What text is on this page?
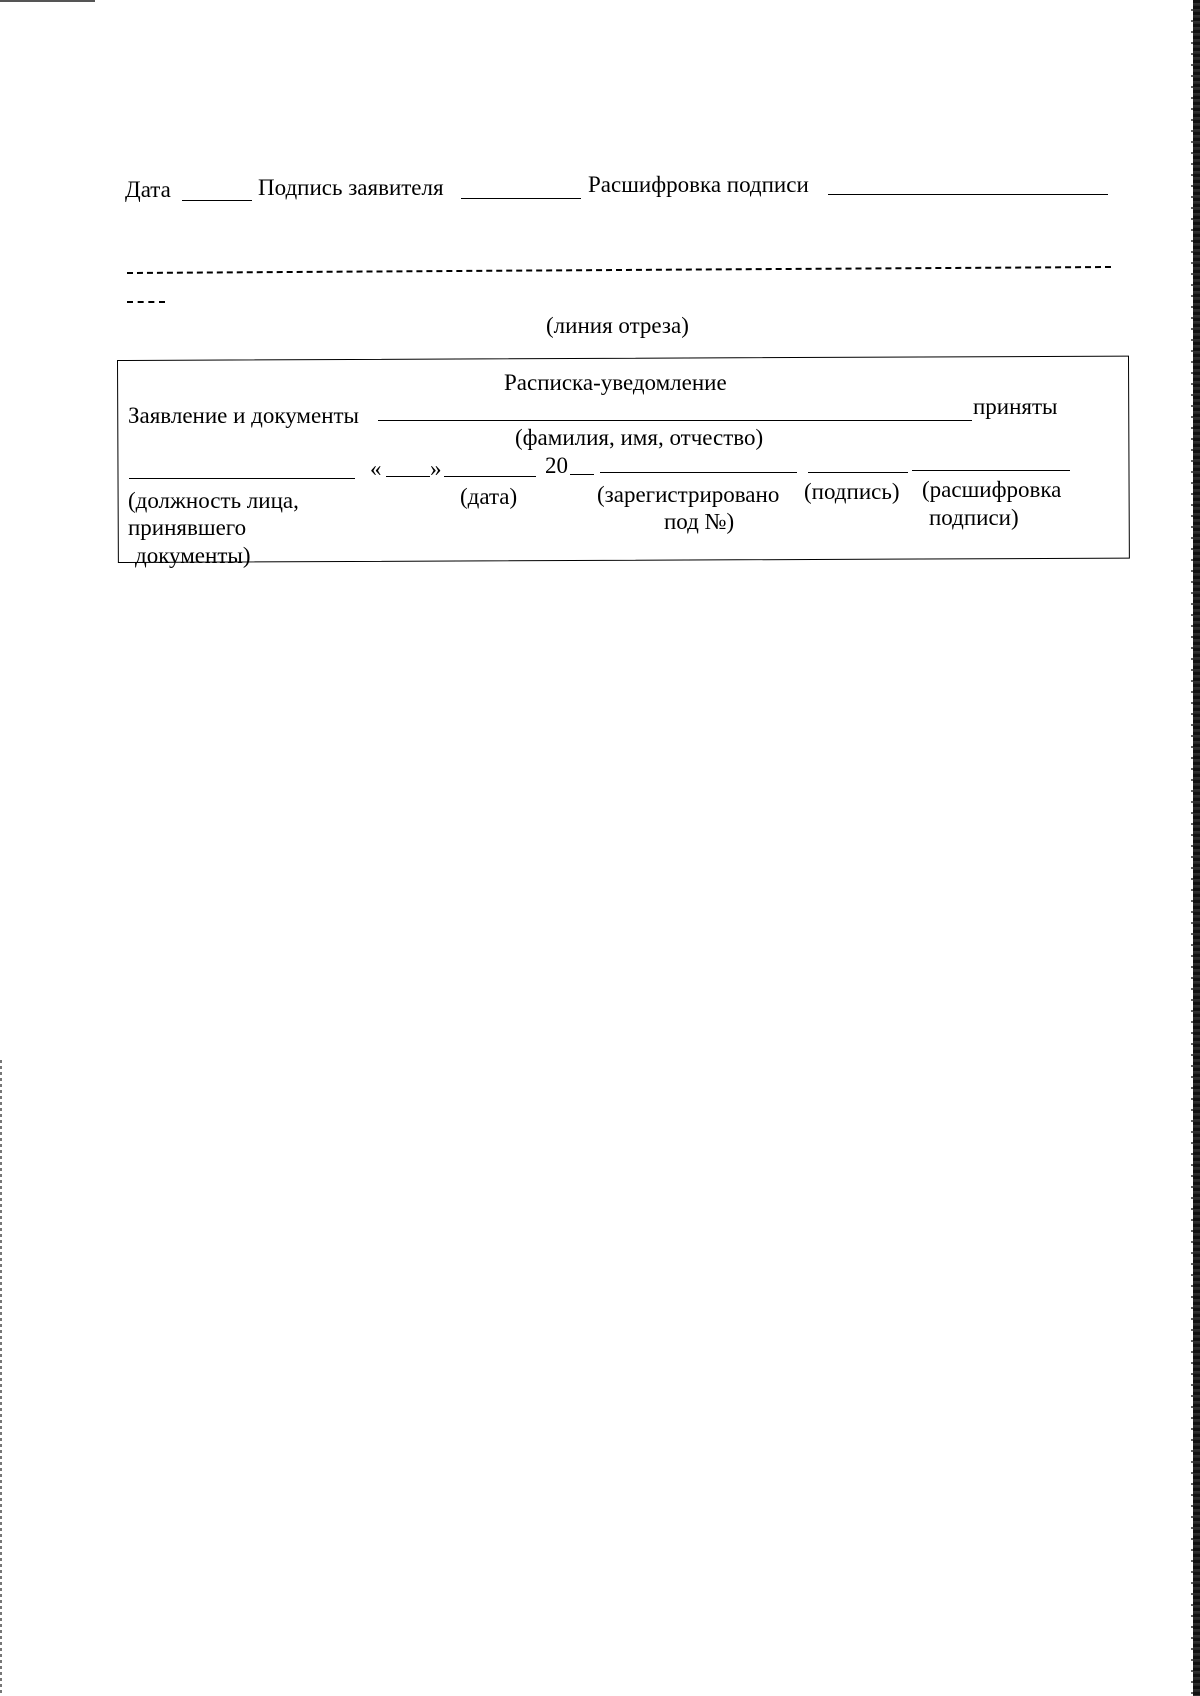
Дата	Подпись заявителя	Расшифровка подписи
(линия отреза)
Расписка-уведомление
Заявление и документы	приняты
(фамилия, имя, отчество)
« »	20
(должность лица,
принявшего
документы)
(дата)	(зарегистрировано
под №)
(подпись) (расшифровка
подписи)
